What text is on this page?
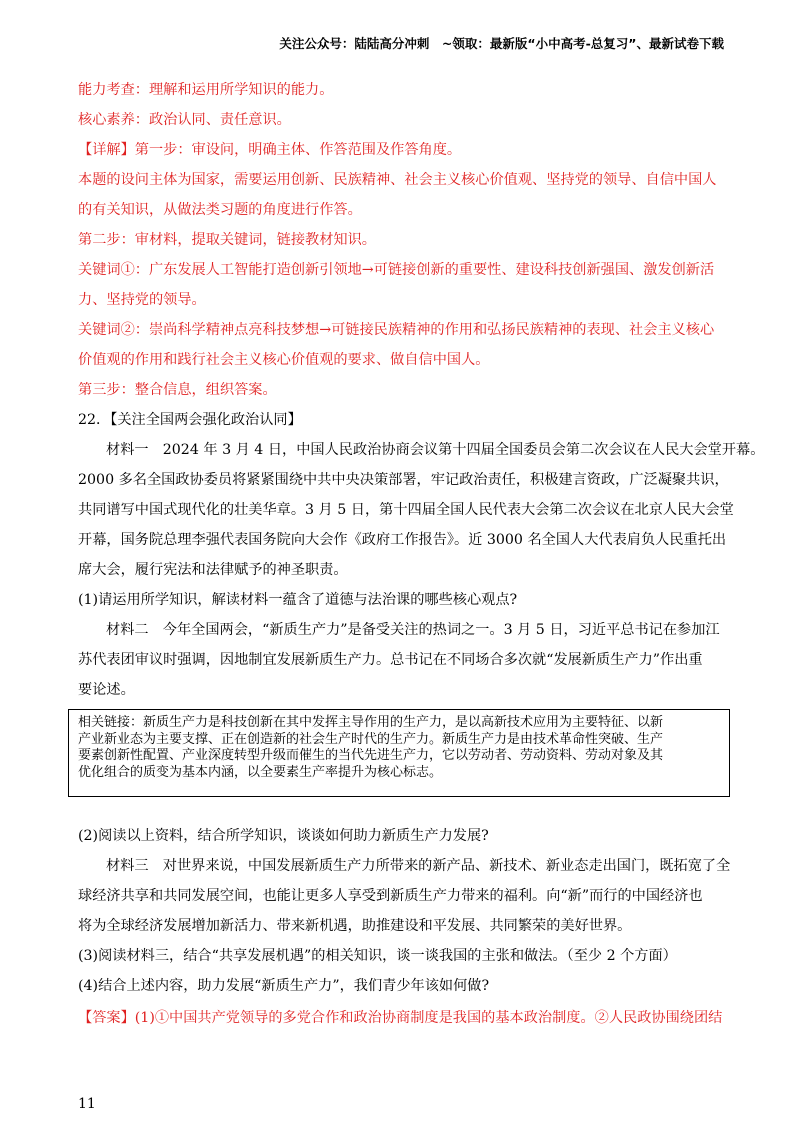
关注公众号：陆陆高分冲刺　~领取：最新版“小中高考-总复习”、最新试卷下载
能力考查：理解和运用所学知识的能力。
核心素养：政治认同、责任意识。
【详解】第一步：审设问，明确主体、作答范围及作答角度。
本题的设问主体为国家，需要运用创新、民族精神、社会主义核心价值观、坚持党的领导、自信中国人
的有关知识，从做法类习题的角度进行作答。
第二步：审材料，提取关键词，链接教材知识。
关键词①：广东发展人工智能打造创新引领地→可链接创新的重要性、建设科技创新强国、激发创新活
力、坚持党的领导。
关键词②：崇尚科学精神点亮科技梦想→可链接民族精神的作用和弘扬民族精神的表现、社会主义核心
价值观的作用和践行社会主义核心价值观的要求、做自信中国人。
第三步：整合信息，组织答案。
22．【关注全国两会强化政治认同】
材料一　2024 年 3 月 4 日，中国人民政治协商会议第十四届全国委员会第二次会议在人民大会堂开幕。
2000 多名全国政协委员将紧紧围绕中共中央决策部署，牢记政治责任，积极建言资政，广泛凝聚共识，
共同谱写中国式现代化的壮美华章。3 月 5 日，第十四届全国人民代表大会第二次会议在北京人民大会堂
开幕，国务院总理李强代表国务院向大会作《政府工作报告》。近 3000 名全国人大代表肩负人民重托出
席大会，履行宪法和法律赋予的神圣职责。
(1)请运用所学知识，解读材料一蕴含了道德与法治课的哪些核心观点?
材料二　今年全国两会，“新质生产力”是备受关注的热词之一。3 月 5 日，习近平总书记在参加江
苏代表团审议时强调，因地制宜发展新质生产力。总书记在不同场合多次就“发展新质生产力”作出重
要论述。
相关链接：新质生产力是科技创新在其中发挥主导作用的生产力，是以高新技术应用为主要特征、以新
产业新业态为主要支撑、正在创造新的社会生产时代的生产力。新质生产力是由技术革命性突破、生产
要素创新性配置、产业深度转型升级而催生的当代先进生产力，它以劳动者、劳动资料、劳动对象及其
优化组合的质变为基本内涵，以全要素生产率提升为核心标志。
(2)阅读以上资料，结合所学知识，谈谈如何助力新质生产力发展?
材料三　对世界来说，中国发展新质生产力所带来的新产品、新技术、新业态走出国门，既拓宽了全
球经济共享和共同发展空间，也能让更多人享受到新质生产力带来的福利。向“新”而行的中国经济也
将为全球经济发展增加新活力、带来新机遇，助推建设和平发展、共同繁荣的美好世界。
(3)阅读材料三，结合“共享发展机遇”的相关知识，谈一谈我国的主张和做法。（至少 2 个方面）
(4)结合上述内容，助力发展“新质生产力”，我们青少年该如何做?
【答案】(1)①中国共产党领导的多党合作和政治协商制度是我国的基本政治制度。②人民政协围绕团结
11
